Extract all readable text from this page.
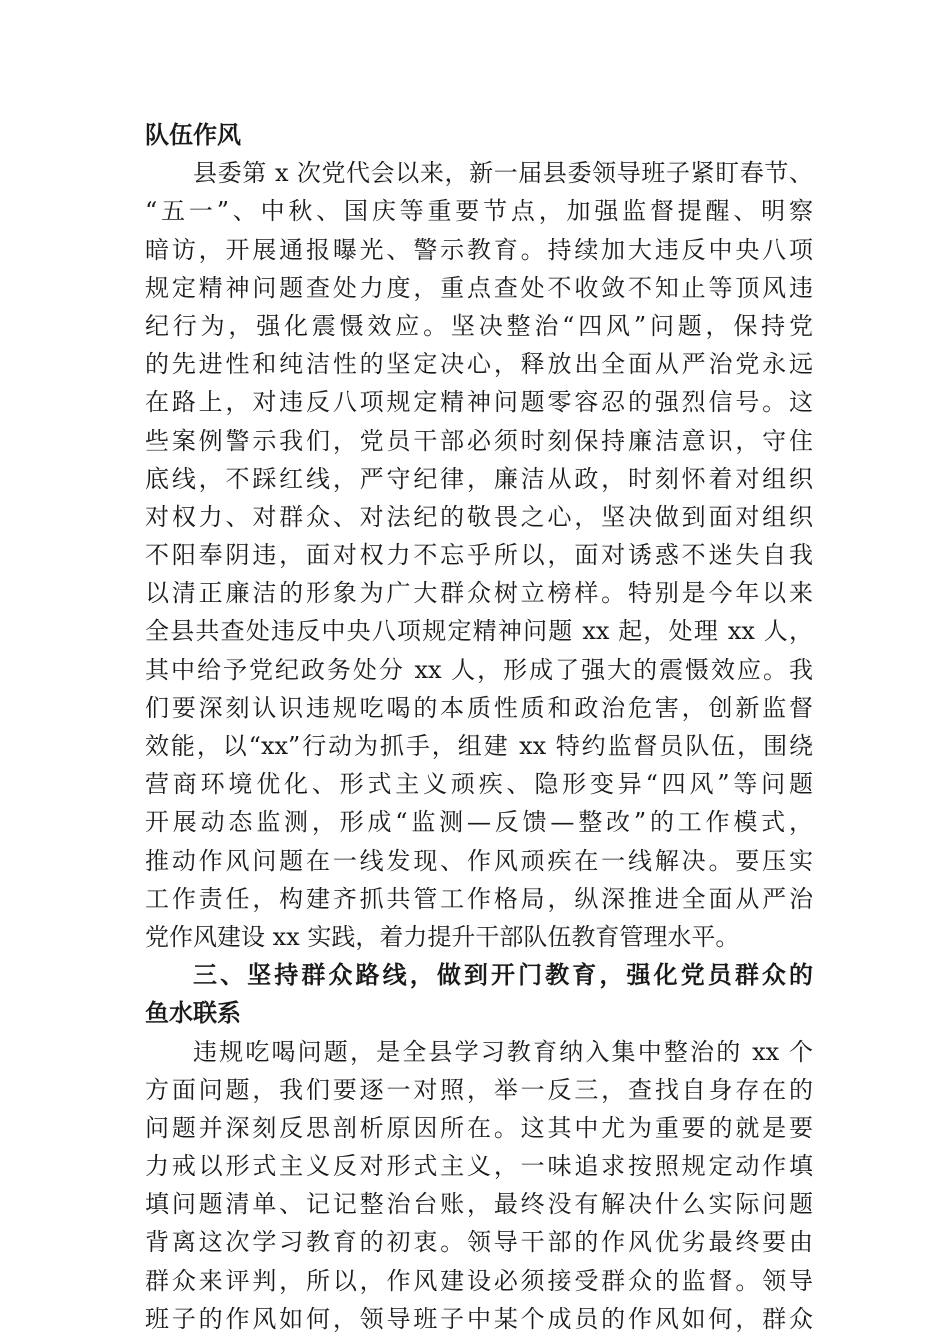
队伍作风
县委第 x 次党代会以来，新一届县委领导班子紧盯春节、
“五一”、中秋、国庆等重要节点，加强监督提醒、明察
暗访，开展通报曝光、警示教育。持续加大违反中央八项
规定精神问题查处力度，重点查处不收敛不知止等顶风违
纪行为，强化震慑效应。坚决整治“四风”问题，保持党
的先进性和纯洁性的坚定决心，释放出全面从严治党永远
在路上，对违反八项规定精神问题零容忍的强烈信号。这
些案例警示我们，党员干部必须时刻保持廉洁意识，守住
底线，不踩红线，严守纪律，廉洁从政，时刻怀着对组织
对权力、对群众、对法纪的敬畏之心，坚决做到面对组织
不阳奉阴违，面对权力不忘乎所以，面对诱惑不迷失自我
以清正廉洁的形象为广大群众树立榜样。特别是今年以来
全县共查处违反中央八项规定精神问题 xx 起，处理 xx 人，
其中给予党纪政务处分 xx 人，形成了强大的震慑效应。我
们要深刻认识违规吃喝的本质性质和政治危害，创新监督
效能，以“xx”行动为抓手，组建 xx 特约监督员队伍，围绕
营商环境优化、形式主义顽疾、隐形变异“四风”等问题
开展动态监测，形成“监测—反馈—整改”的工作模式，
推动作风问题在一线发现、作风顽疾在一线解决。要压实
工作责任，构建齐抓共管工作格局，纵深推进全面从严治
党作风建设 xx 实践，着力提升干部队伍教育管理水平。
三、坚持群众路线，做到开门教育，强化党员群众的
鱼水联系
违规吃喝问题，是全县学习教育纳入集中整治的 xx 个
方面问题，我们要逐一对照，举一反三，查找自身存在的
问题并深刻反思剖析原因所在。这其中尤为重要的就是要
力戒以形式主义反对形式主义，一味追求按照规定动作填
填问题清单、记记整治台账，最终没有解决什么实际问题
背离这次学习教育的初衷。领导干部的作风优劣最终要由
群众来评判，所以，作风建设必须接受群众的监督。领导
班子的作风如何，领导班子中某个成员的作风如何，群众
